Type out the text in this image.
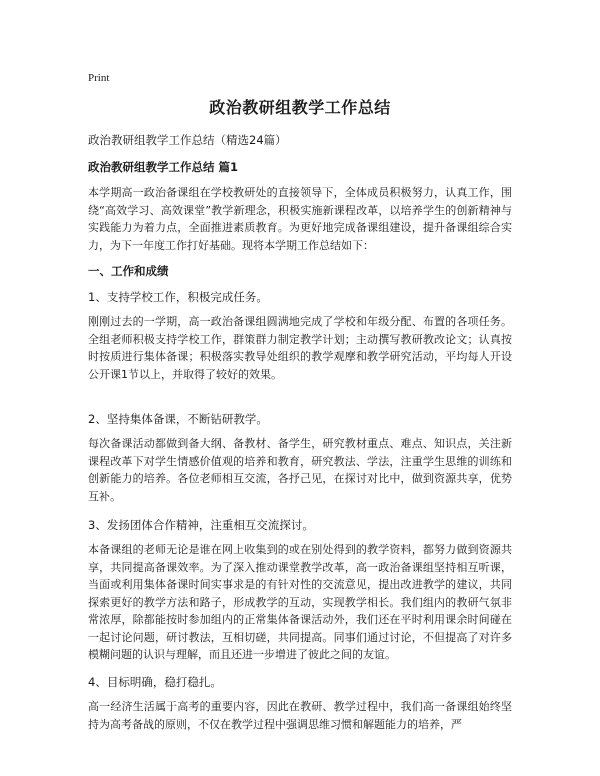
Print
政治教研组教学工作总结

政治教研组教学工作总结（精选24篇）

政治教研组教学工作总结 篇1

本学期高一政治备课组在学校教研处的直接领导下，全体成员积极努力，认真工作，围绕“高效学习、高效课堂”教学新理念，积极实施新课程改革，以培养学生的创新精神与实践能力为着力点，全面推进素质教育。为更好地完成备课组建设，提升备课组综合实力，为下一年度工作打好基础。现将本学期工作总结如下：

一、工作和成绩

1、支持学校工作，积极完成任务。

刚刚过去的一学期，高一政治备课组圆满地完成了学校和年级分配、布置的各项任务。全组老师积极支持学校工作，群策群力制定教学计划；主动撰写教研教改论文；认真按时按质进行集体备课；积极落实教导处组织的教学观摩和教学研究活动，平均每人开设公开课1节以上，并取得了较好的效果。

2、坚持集体备课，不断钻研教学。

每次备课活动都做到备大纲、备教材、备学生，研究教材重点、难点、知识点，关注新课程改革下对学生情感价值观的培养和教育，研究教法、学法，注重学生思维的训练和创新能力的培养。各位老师相互交流，各抒己见，在探讨对比中，做到资源共享，优势互补。

3、发扬团体合作精神，注重相互交流探讨。

本备课组的老师无论是谁在网上收集到的或在别处得到的教学资料，都努力做到资源共享，共同提高备课效率。为了深入推动课堂教学改革，高一政治备课组坚持相互听课，当面或利用集体备课时间实事求是的有针对性的交流意见，提出改进教学的建议，共同探索更好的教学方法和路子，形成教学的互动，实现教学相长。我们组内的教研气氛非常浓厚，除都能按时参加组内的正常集体备课活动外，我们还在平时利用课余时间碰在一起讨论问题，研讨教法，互相切磋，共同提高。同事们通过讨论，不但提高了对许多模糊问题的认识与理解，而且还进一步增进了彼此之间的友谊。

4、目标明确，稳打稳扎。

高一经济生活属于高考的重要内容，因此在教研、教学过程中，我们高一备课组始终坚持为高考备战的原则，不仅在教学过程中强调思维习惯和解题能力的培养，严
